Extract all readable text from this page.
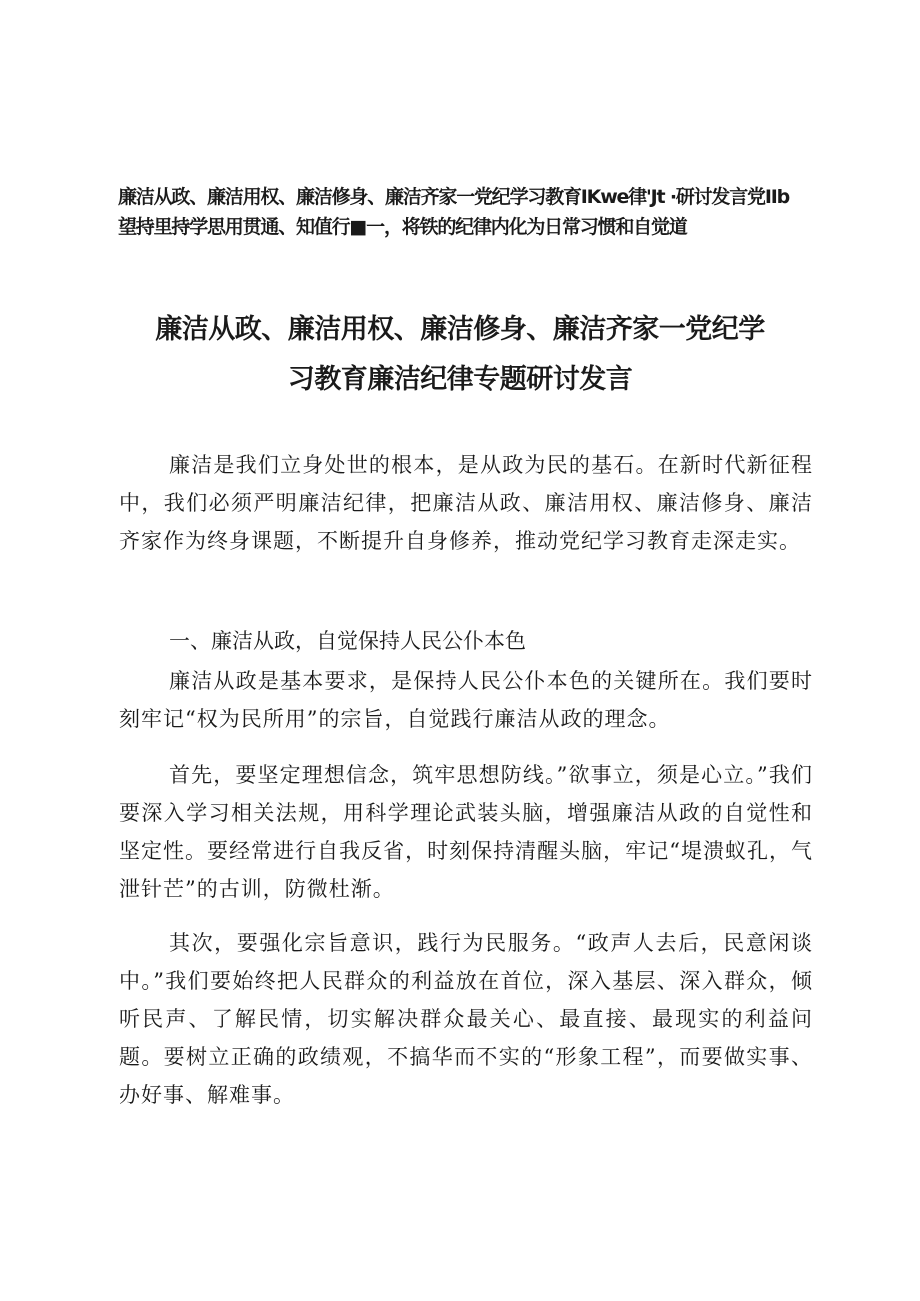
廉洁从政、廉洁用权、廉洁修身、廉洁齐家一党纪学习教育IKwe律'Jt ·研讨发言党IIb
望持里持学思用贯通、知值行■一，将铁的纪律内化为日常习惯和自觉道
廉洁从政、廉洁用权、廉洁修身、廉洁齐家一党纪学
习教育廉洁纪律专题研讨发言
廉洁是我们立身处世的根本，是从政为民的基石。在新时代新征程中，我们必须严明廉洁纪律，把廉洁从政、廉洁用权、廉洁修身、廉洁齐家作为终身课题，不断提升自身修养，推动党纪学习教育走深走实。
一、廉洁从政，自觉保持人民公仆本色
廉洁从政是基本要求，是保持人民公仆本色的关键所在。我们要时刻牢记“权为民所用”的宗旨，自觉践行廉洁从政的理念。
首先，要坚定理想信念，筑牢思想防线。”欲事立，须是心立。”我们要深入学习相关法规，用科学理论武装头脑，增强廉洁从政的自觉性和坚定性。要经常进行自我反省，时刻保持清醒头脑，牢记“堤溃蚁孔，气泄针芒”的古训，防微杜渐。
其次，要强化宗旨意识，践行为民服务。“政声人去后，民意闲谈中。”我们要始终把人民群众的利益放在首位，深入基层、深入群众，倾听民声、了解民情，切实解决群众最关心、最直接、最现实的利益问题。要树立正确的政绩观，不搞华而不实的“形象工程”，而要做实事、办好事、解难事。
